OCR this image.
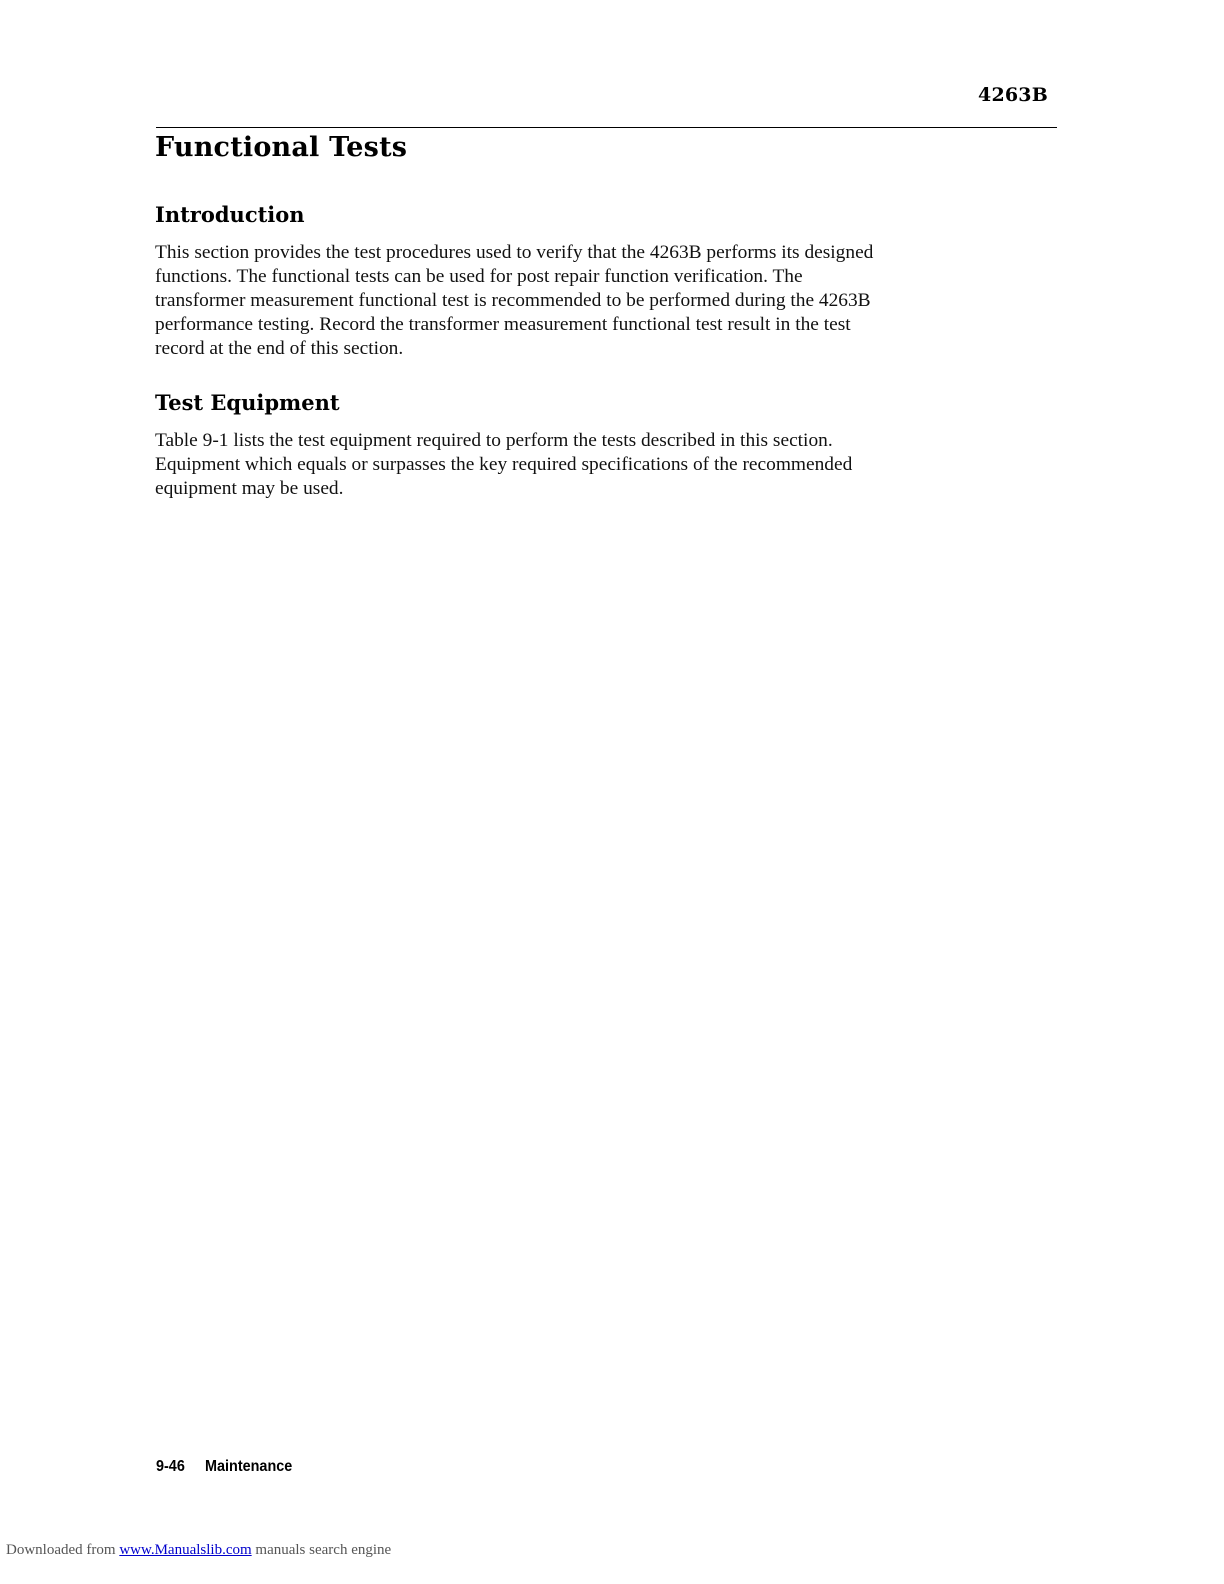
4263B
Functional Tests
Introduction

This section provides the test procedures used to verify that the 4263B performs its designed
functions. The functional tests can be used for post repair function verification. The
transformer measurement functional test is recommended to be performed during the 4263B
performance testing. Record the transformer measurement functional test result in the test
record at the end of this section.

Test Equipment

Table 9-1 lists the test equipment required to perform the tests described in this section.
Equipment which equals or surpasses the key required specifications of the recommended
equipment may be used.

9-46 Maintenance
Downloaded from www.Manualslib.com manuals search engine
